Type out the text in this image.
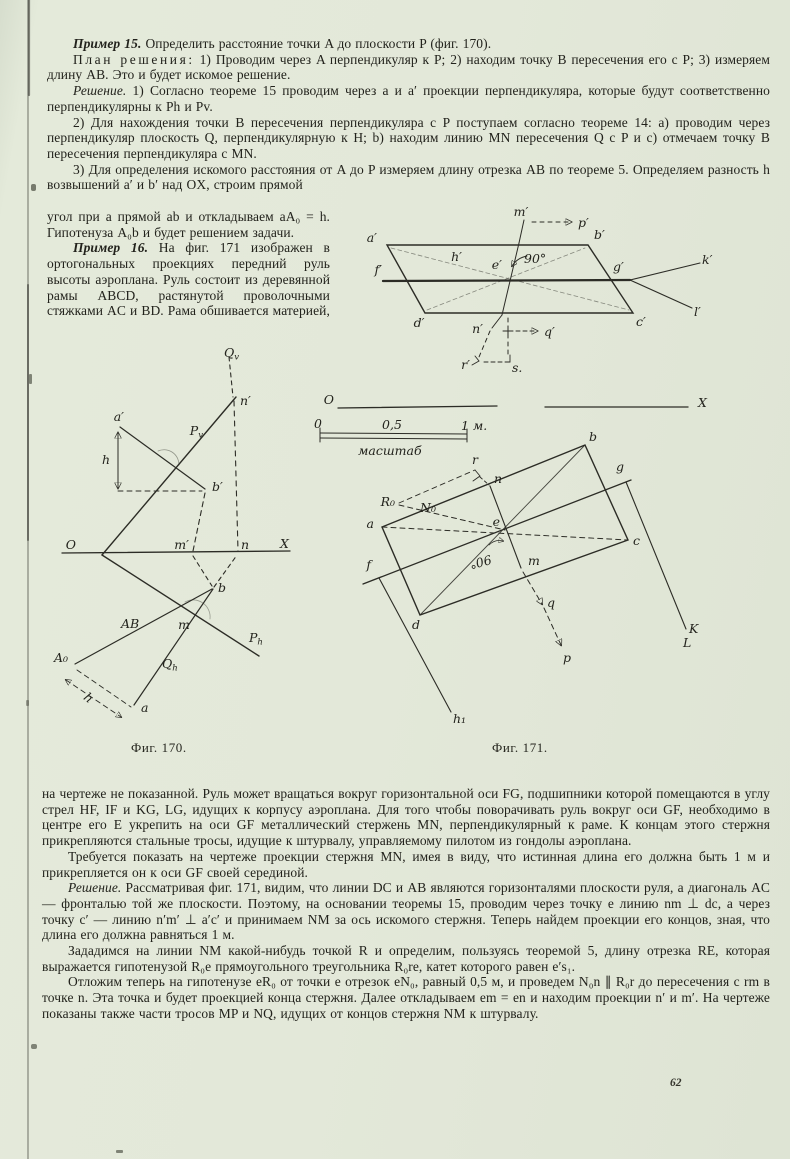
$Q_v$
a′
$P_v$
n′
h
b′
O	m′	n X
b
AB	m
$P_h$
$Q_h$
A₀
h
a
a′	b′
m′
p′
h′
e′ 90°
f′	g′	k′
l′
d′	c′
n′	q′
r′	s.
O	X
0	0,5	1 м.
масштаб
b
r	g
R₀ N₀
n
e
a
c
f	90°	m
q
d
p
K
L
h₁

Пример 15. Определить расстояние точки A до плоскости P (фиг. 170).

План решения: 1) Проводим через A перпендикуляр к P; 2) находим точку B пересечения его с P; 3) измеряем длину AB. Это и будет искомое решение.

Решение. 1) Согласно теореме 15 проводим через a и a′ проекции перпендикуляра, которые будут соответственно перпендикулярны к Ph и Pv.

2) Для нахождения точки B пересечения перпендикуляра с P поступаем согласно теореме 14: а) проводим через перпендикуляр плоскость Q, перпендикулярную к H; b) находим линию MN пересечения Q с P и c) отмечаем точку B пересечения перпендикуляра с MN.

3) Для определения искомого расстояния от A до P измеряем длину отрезка AB по теореме 5. Определяем разность h возвышений a′ и b′ над OX, строим прямой

угол при a прямой ab и откладываем aA₀ = h. Гипотенуза A₀b и будет решением задачи.

Пример 16. На фиг. 171 изображен в ортогональных проекциях передний руль высоты аэроплана. Руль состоит из деревянной рамы ABCD, растянутой проволочными стяжками AC и BD. Рама обшивается материей,

на чертеже не показанной. Руль может вращаться вокруг горизонтальной оси FG, подшипники которой помещаются в углу стрел HF, IF и KG, LG, идущих к корпусу аэроплана. Для того чтобы поворачивать руль вокруг оси GF, необходимо в центре его E укрепить на оси GF металлический стержень MN, перпендикулярный к раме. К концам этого стержня прикрепляются стальные тросы, идущие к штурвалу, управляемому пилотом из гондолы аэроплана.

Требуется показать на чертеже проекции стержня MN, имея в виду, что истинная длина его должна быть 1 м и прикрепляется он к оси GF своей серединой.

Решение. Рассматривая фиг. 171, видим, что линии DC и AB являются горизонталями плоскости руля, а диагональ AC — фронталью той же плоскости. Поэтому, на основании теоремы 15, проводим через точку e линию nm ⊥ dc, а через точку c′ — линию n′m′ ⊥ a′c′ и принимаем NM за ось искомого стержня. Теперь найдем проекции его концов, зная, что длина его должна равняться 1 м.

Зададимся на линии NM какой-нибудь точкой R и определим, пользуясь теоремой 5, длину отрезка RE, которая выражается гипотенузой R₀e прямоугольного треугольника R₀re, катет которого равен e′s₁.

Отложим теперь на гипотенузе eR₀ от точки e отрезок eN₀, равный 0,5 м, и проведем N₀n ∥ R₀r до пересечения с rm в точке n. Эта точка и будет проекцией конца стержня. Далее откладываем em = en и находим проекции n′ и m′. На чертеже показаны также части тросов MP и NQ, идущих от концов стержня NM к штурвалу.

Фиг. 170.	Фиг. 171.
62
